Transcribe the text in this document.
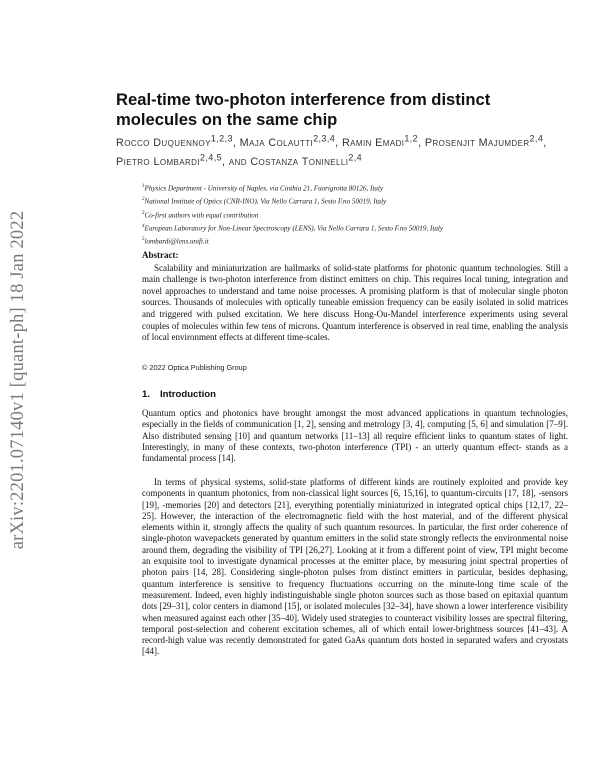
arXiv:2201.07140v1 [quant-ph] 18 Jan 2022
Real-time two-photon interference from distinct molecules on the same chip
Rocco Duquennoy$^{1,2,3}$, Maja Colautti$^{2,3,4}$, Ramin Emadi$^{1,2}$, Prosenjit Majumder$^{2,4}$, Pietro Lombardi$^{2,4,5}$, and Costanza Toninelli$^{2,4}$
$^1$Physics Department - University of Naples, via Cinthia 21, Fuorigrotta 80126, Italy
$^2$National Institute of Optics (CNR-INO), Via Nello Carrara 1, Sesto F.no 50019, Italy
$^3$Co-first authors with equal contribution
$^4$European Laboratory for Non-Linear Spectroscopy (LENS), Via Nello Carrara 1, Sesto F.no 50019, Italy
$^5$lombardi@lens.unifi.it
Abstract:
Scalability and miniaturization are hallmarks of solid-state platforms for photonic quantum technologies. Still a main challenge is two-photon interference from distinct emitters on chip. This requires local tuning, integration and novel approaches to understand and tame noise processes. A promising platform is that of molecular single photon sources. Thousands of molecules with optically tuneable emission frequency can be easily isolated in solid matrices and triggered with pulsed excitation. We here discuss Hong-Ou-Mandel interference experiments using several couples of molecules within few tens of microns. Quantum interference is observed in real time, enabling the analysis of local environment effects at different time-scales.
© 2022 Optica Publishing Group
1. Introduction
Quantum optics and photonics have brought amongst the most advanced applications in quantum technologies, especially in the fields of communication [1, 2], sensing and metrology [3, 4], computing [5, 6] and simulation [7–9]. Also distributed sensing [10] and quantum networks [11–13] all require efficient links to quantum states of light. Interestingly, in many of these contexts, two-photon interference (TPI) - an utterly quantum effect- stands as a fundamental process [14].
In terms of physical systems, solid-state platforms of different kinds are routinely exploited and provide key components in quantum photonics, from non-classical light sources [6, 15,16], to quantum-circuits [17, 18], -sensors [19], -memories [20] and detectors [21], everything potentially miniaturized in integrated optical chips [12,17, 22–25]. However, the interaction of the electromagnetic field with the host material, and of the different physical elements within it, strongly affects the quality of such quantum resources. In particular, the first order coherence of single-photon wavepackets generated by quantum emitters in the solid state strongly reflects the environmental noise around them, degrading the visibility of TPI [26,27]. Looking at it from a different point of view, TPI might become an exquisite tool to investigate dynamical processes at the emitter place, by measuring joint spectral properties of photon pairs [14, 28]. Considering single-photon pulses from distinct emitters in particular, besides dephasing, quantum interference is sensitive to frequency fluctuations occurring on the minute-long time scale of the measurement. Indeed, even highly indistinguishable single photon sources such as those based on epitaxial quantum dots [29–31], color centers in diamond [15], or isolated molecules [32–34], have shown a lower interference visibility when measured against each other [35–40]. Widely used strategies to counteract visibility losses are spectral filtering, temporal post-selection and coherent excitation schemes, all of which entail lower-brightness sources [41–43]. A record-high value was recently demonstrated for gated GaAs quantum dots hosted in separated wafers and cryostats [44].
